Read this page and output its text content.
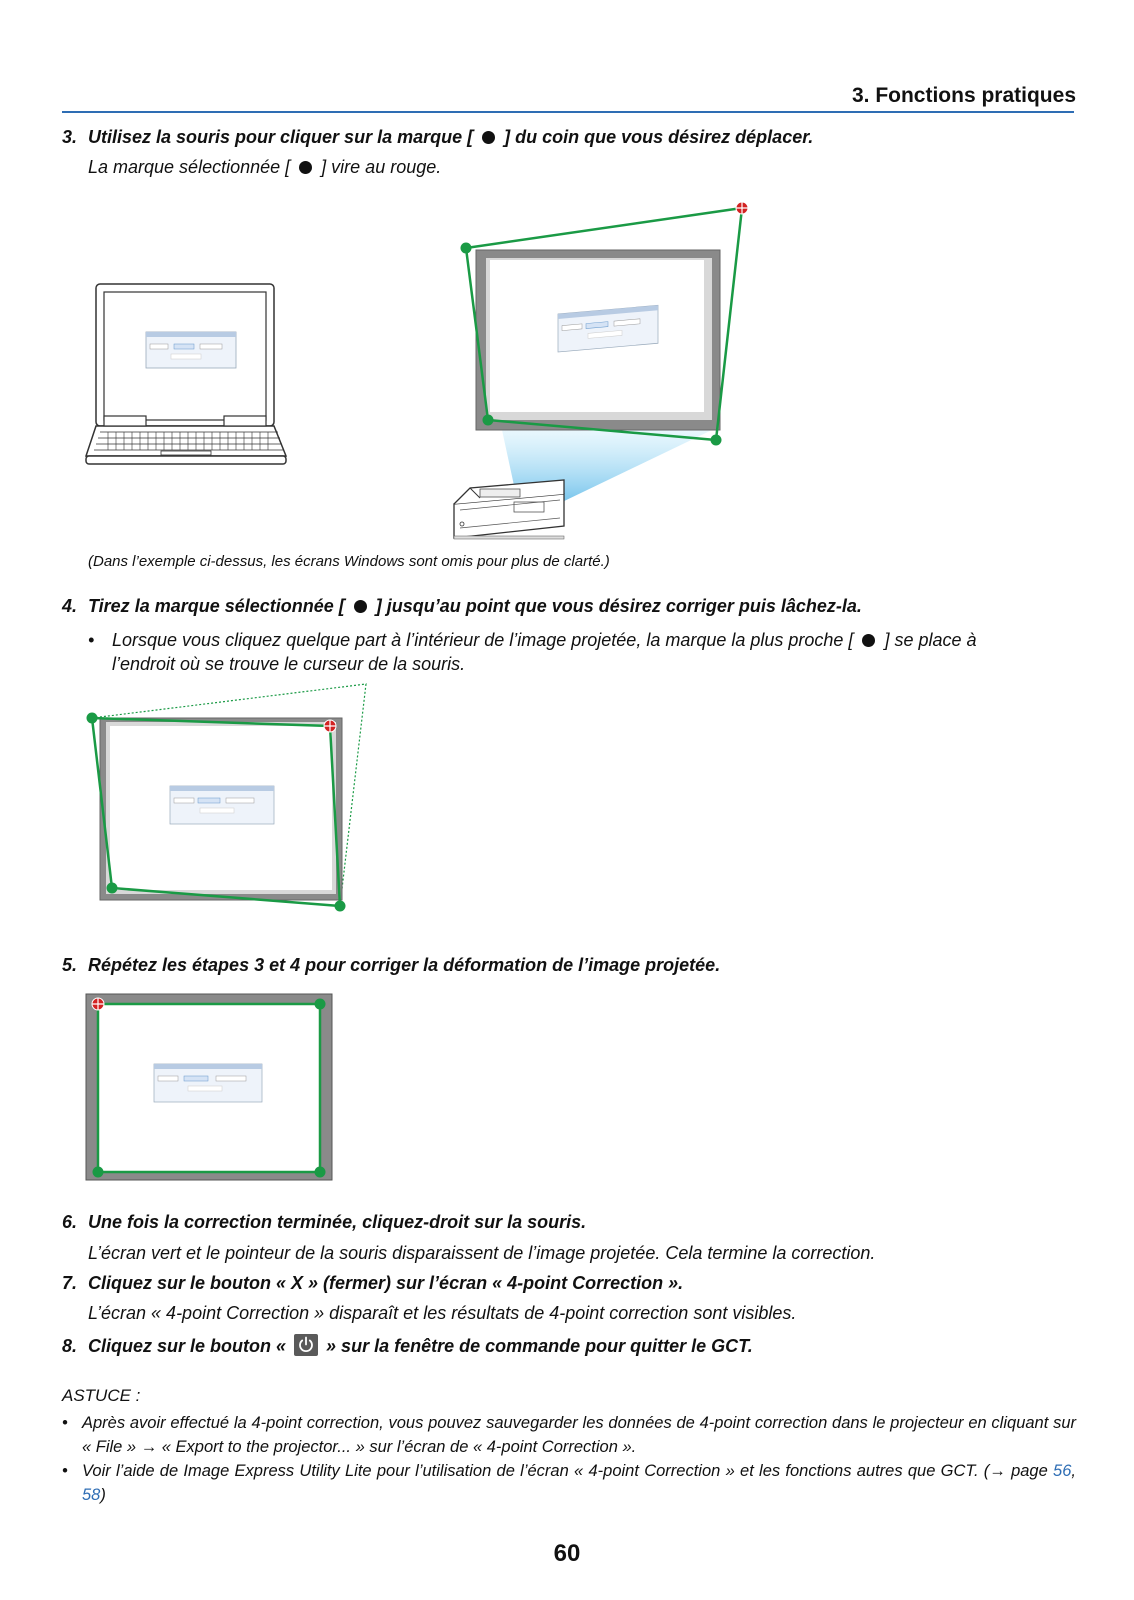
3. Fonctions pratiques
3. Utilisez la souris pour cliquer sur la marque [ ] du coin que vous désirez déplacer.
La marque sélectionnée [ ] vire au rouge.
(Dans l’exemple ci-dessus, les écrans Windows sont omis pour plus de clarté.)
4. Tirez la marque sélectionnée [ ] jusqu’au point que vous désirez corriger puis lâchez-la.
• Lorsque vous cliquez quelque part à l’intérieur de l’image projetée, la marque la plus proche [ ] se place à
l’endroit où se trouve le curseur de la souris.
5. Répétez les étapes 3 et 4 pour corriger la déformation de l’image projetée.
6. Une fois la correction terminée, cliquez-droit sur la souris.
L’écran vert et le pointeur de la souris disparaissent de l’image projetée. Cela termine la correction.
7. Cliquez sur le bouton « X » (fermer) sur l’écran « 4-point Correction ».
L’écran « 4-point Correction » disparaît et les résultats de 4-point correction sont visibles.
8. Cliquez sur le bouton « » sur la fenêtre de commande pour quitter le GCT.
ASTUCE :
• Après avoir effectué la 4-point correction, vous pouvez sauvegarder les données de 4-point correction dans le projecteur en cliquant sur « File » → « Export to the projector... » sur l’écran de « 4-point Correction ».
• Voir l’aide de Image Express Utility Lite pour l’utilisation de l’écran « 4-point Correction » et les fonctions autres que GCT. (→ page 56, 58)
60
